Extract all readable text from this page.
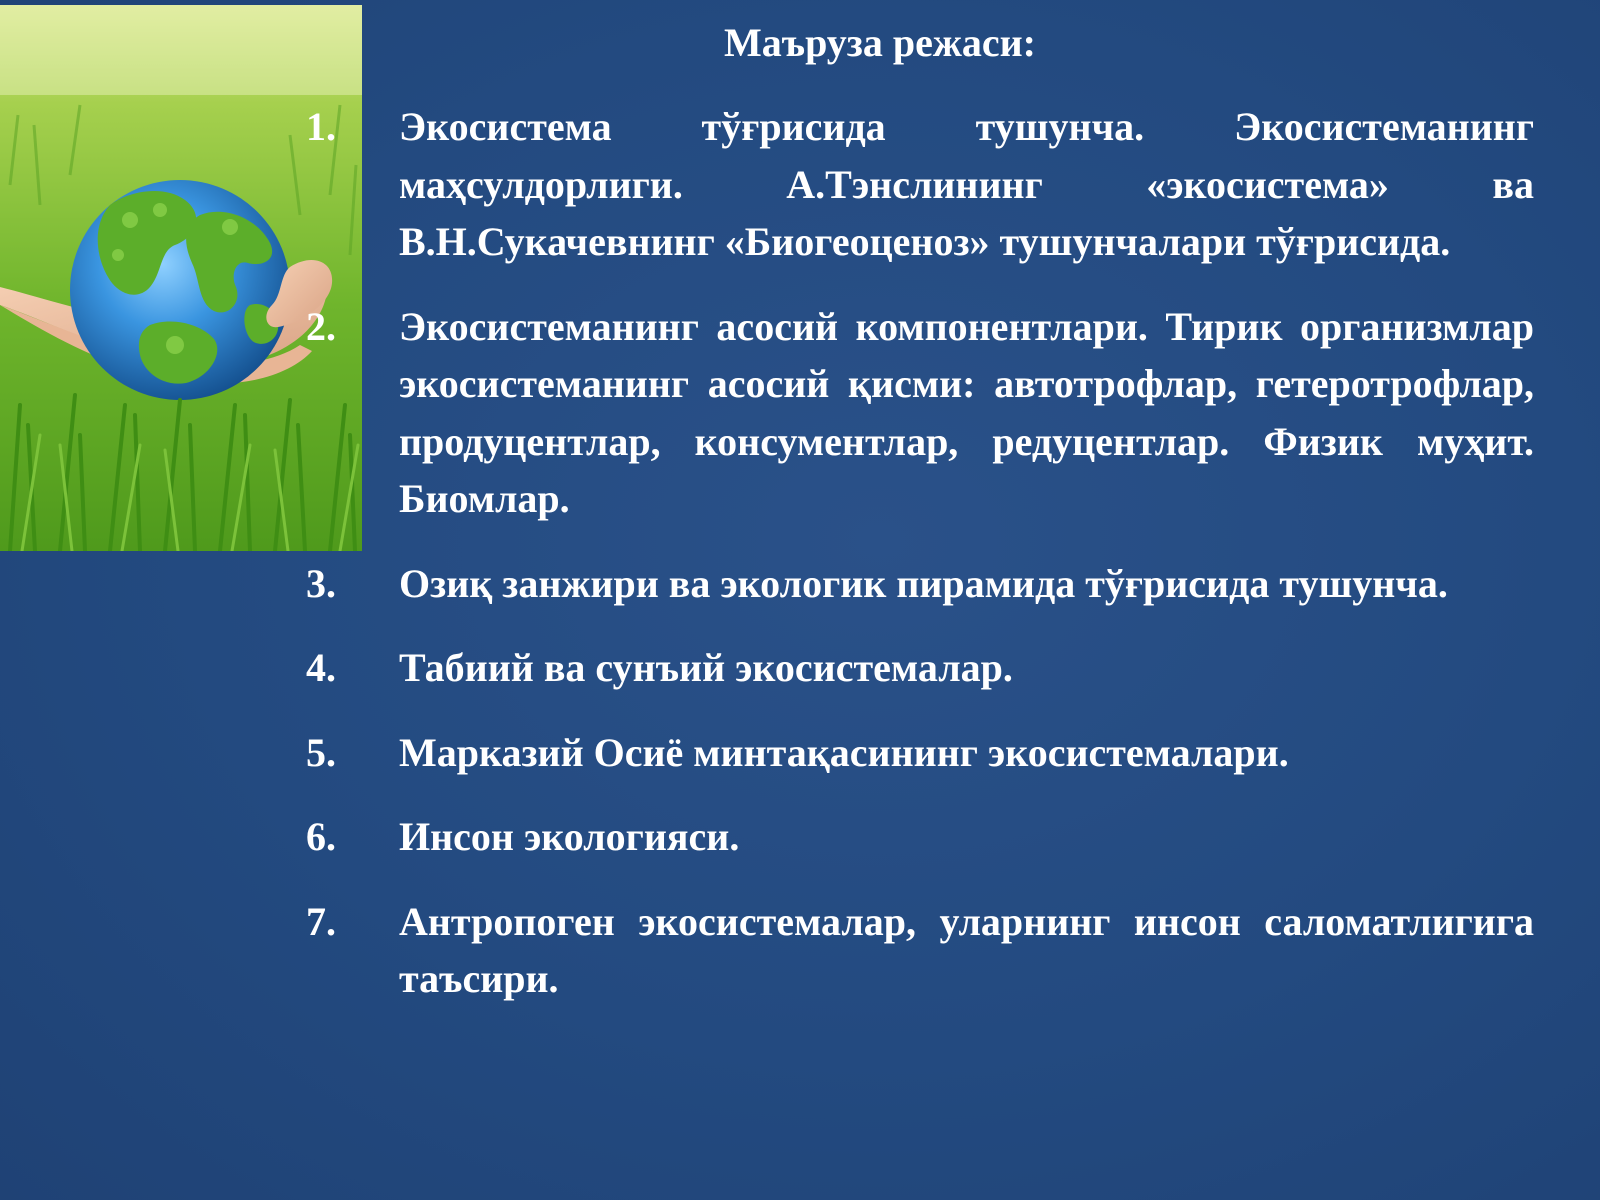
Маъруза режаси:
1.	Экосистема тўғрисида тушунча. Экосистеманинг маҳсулдорлиги. А.Тэнслининг «экосистема» ва В.Н.Сукачевнинг «Биогеоценоз» тушунчалари тўғрисида.
2.	Экосистеманинг асосий компонентлари. Тирик организмлар экосистеманинг асосий қисми: автотрофлар, гетеротрофлар, продуцентлар, консументлар, редуцентлар. Физик муҳит. Биомлар.
3.	Озиқ занжири ва экологик пирамида тўғрисида тушунча.
4.	Табиий ва сунъий экосистемалар.
5.	Марказий Осиё минтақасининг экосистемалари.
6.	Инсон экологияси.
7.	Антропоген экосистемалар, уларнинг инсон саломатлигига таъсири.
